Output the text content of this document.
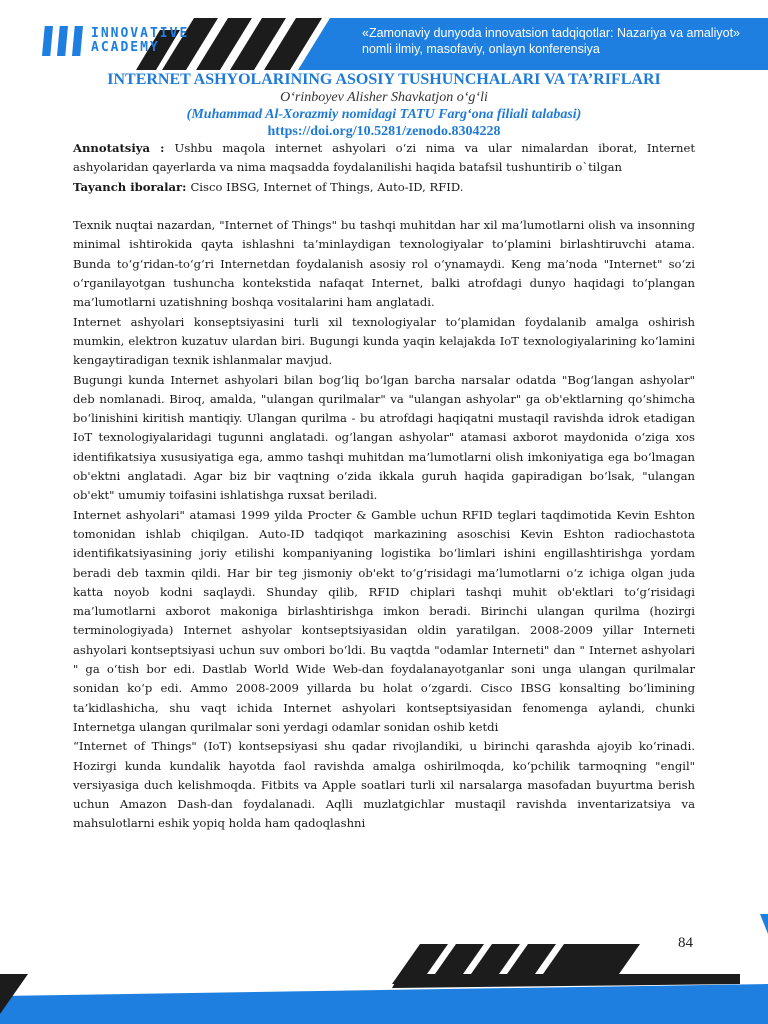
INNOVATIVE
ACADEMY
«Zamonaviy dunyoda innovatsion tadqiqotlar: Nazariya va amaliyot» nomli ilmiy, masofaviy, onlayn konferensiya
INTERNET ASHYOLARINING ASOSIY TUSHUNCHALARI VA TA’RIFLARI

O‘rinboyev Alisher Shavkatjon o‘g‘li

(Muhammad Al-Xorazmiy nomidagi TATU Farg‘ona filiali talabasi)

https://doi.org/10.5281/zenodo.8304228

Annotatsiya : Ushbu maqola internet ashyolari o‘zi nima va ular nimalardan iborat, Internet ashyolaridan qayerlarda va nima maqsadda foydalanilishi haqida batafsil tushuntirib o`tilgan

Tayanch iboralar: Cisco IBSG, Internet of Things, Auto-ID, RFID.

Texnik nuqtai nazardan, "Internet of Things" bu tashqi muhitdan har xil ma’lumotlarni olish va insonning minimal ishtirokida qayta ishlashni ta’minlaydigan texnologiyalar to‘plamini birlashtiruvchi atama. Bunda to‘g‘ridan-to‘g‘ri Internetdan foydalanish asosiy rol o‘ynamaydi. Keng ma’noda "Internet" so‘zi o‘rganilayotgan tushuncha kontekstida nafaqat Internet, balki atrofdagi dunyo haqidagi to‘plangan ma’lumotlarni uzatishning boshqa vositalarini ham anglatadi.

Internet ashyolari konseptsiyasini turli xil texnologiyalar to‘plamidan foydalanib amalga oshirish mumkin, elektron kuzatuv ulardan biri. Bugungi kunda yaqin kelajakda IoT texnologiyalarining ko‘lamini kengaytiradigan texnik ishlanmalar mavjud.

Bugungi kunda Internet ashyolari bilan bog‘liq bo‘lgan barcha narsalar odatda "Bog‘langan ashyolar" deb nomlanadi. Biroq, amalda, "ulangan qurilmalar" va "ulangan ashyolar" ga ob'ektlarning qo‘shimcha bo‘linishini kiritish mantiqiy. Ulangan qurilma - bu atrofdagi haqiqatni mustaqil ravishda idrok etadigan IoT texnologiyalaridagi tugunni anglatadi. og‘langan ashyolar" atamasi axborot maydonida o‘ziga xos identifikatsiya xususiyatiga ega, ammo tashqi muhitdan ma’lumotlarni olish imkoniyatiga ega bo‘lmagan ob'ektni anglatadi. Agar biz bir vaqtning o‘zida ikkala guruh haqida gapiradigan bo‘lsak, "ulangan ob'ekt" umumiy toifasini ishlatishga ruxsat beriladi.

Internet ashyolari" atamasi 1999 yilda Procter & Gamble uchun RFID teglari taqdimotida Kevin Eshton tomonidan ishlab chiqilgan. Auto-ID tadqiqot markazining asoschisi Kevin Eshton radiochastota identifikatsiyasining joriy etilishi kompaniyaning logistika bo‘limlari ishini engillashtirishga yordam beradi deb taxmin qildi. Har bir teg jismoniy ob'ekt to‘g‘risidagi ma’lumotlarni o‘z ichiga olgan juda katta noyob kodni saqlaydi. Shunday qilib, RFID chiplari tashqi muhit ob'ektlari to‘g‘risidagi ma’lumotlarni axborot makoniga birlashtirishga imkon beradi. Birinchi ulangan qurilma (hozirgi terminologiyada) Internet ashyolar kontseptsiyasidan oldin yaratilgan. 2008-2009 yillar Interneti ashyolari kontseptsiyasi uchun suv ombori bo‘ldi. Bu vaqtda "odamlar Interneti" dan " Internet ashyolari " ga o‘tish bor edi. Dastlab World Wide Web-dan foydalanayotganlar soni unga ulangan qurilmalar sonidan ko‘p edi. Ammo 2008-2009 yillarda bu holat o‘zgardi. Cisco IBSG konsalting bo‘limining ta’kidlashicha, shu vaqt ichida Internet ashyolari kontseptsiyasidan fenomenga aylandi, chunki Internetga ulangan qurilmalar soni yerdagi odamlar sonidan oshib ketdi

“Internet of Things" (IoT) kontsepsiyasi shu qadar rivojlandiki, u birinchi qarashda ajoyib ko‘rinadi. Hozirgi kunda kundalik hayotda faol ravishda amalga oshirilmoqda, ko‘pchilik tarmoqning "engil" versiyasiga duch kelishmoqda. Fitbits va Apple soatlari turli xil narsalarga masofadan buyurtma berish uchun Amazon Dash-dan foydalanadi. Aqlli muzlatgichlar mustaqil ravishda inventarizatsiya va mahsulotlarni eshik yopiq holda ham qadoqlashni

84
